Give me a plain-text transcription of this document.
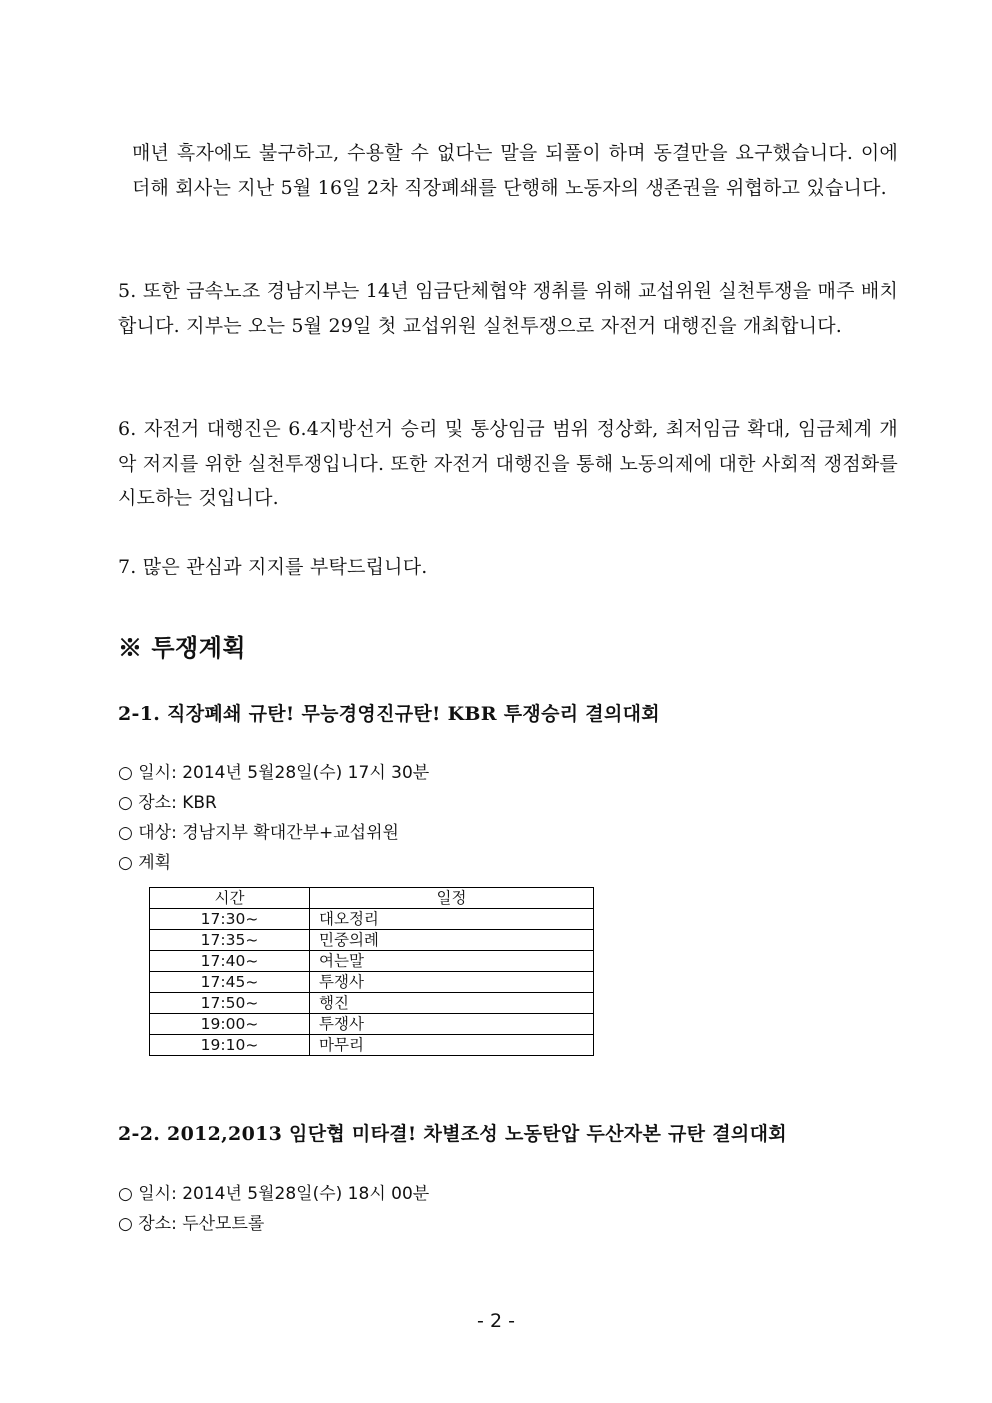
매년 흑자에도 불구하고, 수용할 수 없다는 말을 되풀이 하며 동결만을 요구했습니다. 이에 더해 회사는 지난 5월 16일 2차 직장폐쇄를 단행해 노동자의 생존권을 위협하고 있습니다.
5. 또한 금속노조 경남지부는 14년 임금단체협약 쟁취를 위해 교섭위원 실천투쟁을 매주 배치합니다. 지부는 오는 5월 29일 첫 교섭위원 실천투쟁으로 자전거 대행진을 개최합니다.
6. 자전거 대행진은 6.4지방선거 승리 및 통상임금 범위 정상화, 최저임금 확대, 임금체계 개악 저지를 위한 실천투쟁입니다. 또한 자전거 대행진을 통해 노동의제에 대한 사회적 쟁점화를 시도하는 것입니다.
7. 많은 관심과 지지를 부탁드립니다.
※ 투쟁계획
2-1. 직장폐쇄 규탄! 무능경영진규탄! KBR 투쟁승리 결의대회
○ 일시: 2014년 5월28일(수) 17시 30분
○ 장소: KBR
○ 대상: 경남지부 확대간부+교섭위원
○ 계획
시간	일정
17:30~	대오정리
17:35~	민중의례
17:40~	여는말
17:45~	투쟁사
17:50~	행진
19:00~	투쟁사
19:10~	마무리
2-2. 2012,2013 임단협 미타결! 차별조성 노동탄압 두산자본 규탄 결의대회
○ 일시: 2014년 5월28일(수) 18시 00분
○ 장소: 두산모트롤
- 2 -
